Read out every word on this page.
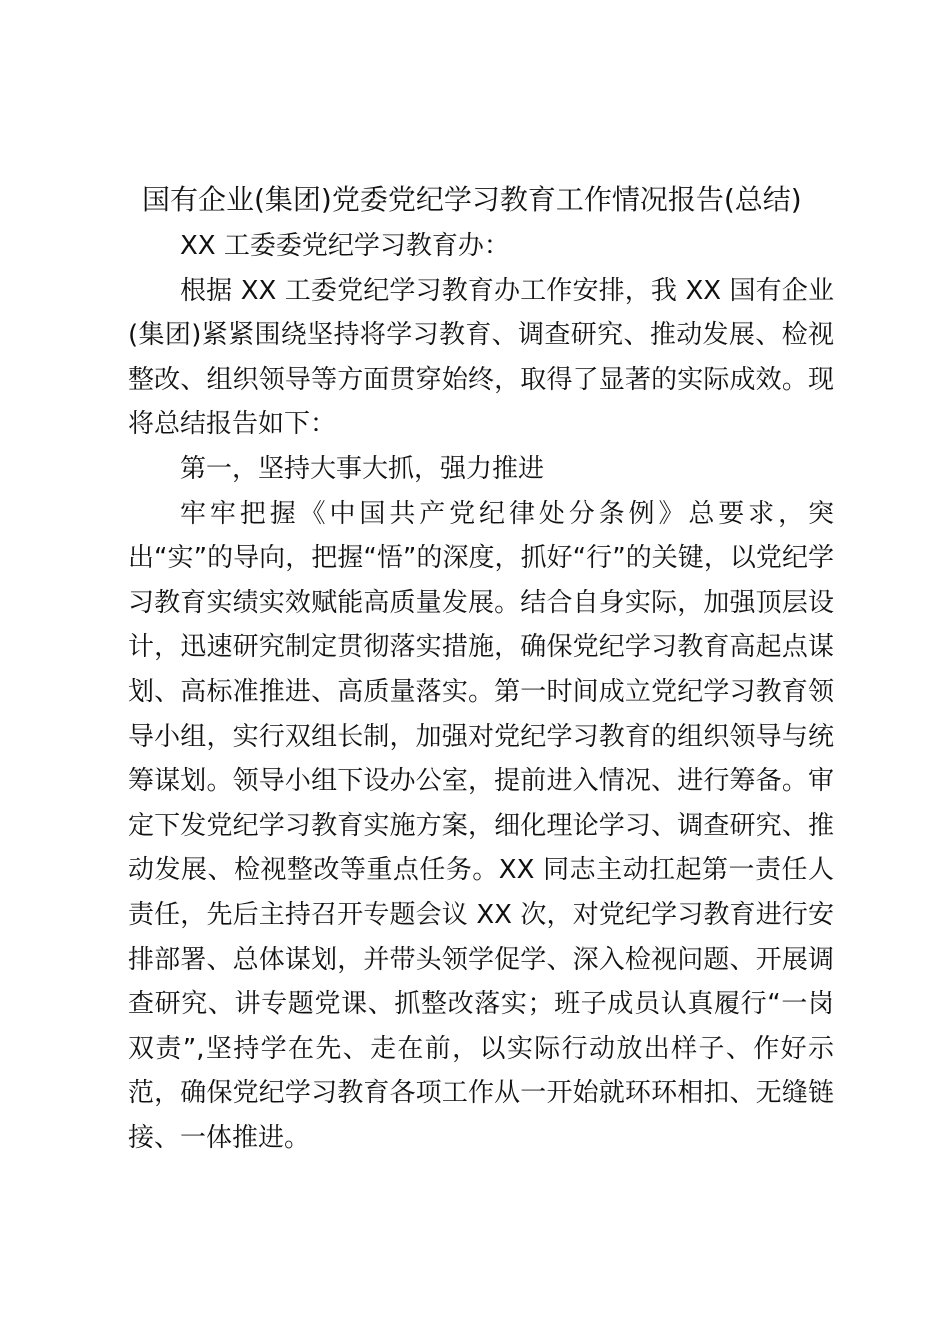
国有企业(集团)党委党纪学习教育工作情况报告(总结)

XX 工委委党纪学习教育办：

根据 XX 工委党纪学习教育办工作安排，我 XX 国有企业(集团)紧紧围绕坚持将学习教育、调查研究、推动发展、检视整改、组织领导等方面贯穿始终，取得了显著的实际成效。现将总结报告如下：

第一，坚持大事大抓，强力推进

牢牢把握《中国共产党纪律处分条例》总要求，突出“实”的导向，把握“悟”的深度，抓好“行”的关键，以党纪学习教育实绩实效赋能高质量发展。结合自身实际，加强顶层设计，迅速研究制定贯彻落实措施，确保党纪学习教育高起点谋划、高标准推进、高质量落实。第一时间成立党纪学习教育领导小组，实行双组长制，加强对党纪学习教育的组织领导与统筹谋划。领导小组下设办公室，提前进入情况、进行筹备。审定下发党纪学习教育实施方案，细化理论学习、调查研究、推动发展、检视整改等重点任务。XX 同志主动扛起第一责任人责任，先后主持召开专题会议 XX 次，对党纪学习教育进行安排部署、总体谋划，并带头领学促学、深入检视问题、开展调查研究、讲专题党课、抓整改落实；班子成员认真履行“一岗双责”,坚持学在先、走在前，以实际行动放出样子、作好示范，确保党纪学习教育各项工作从一开始就环环相扣、无缝链接、一体推进。
